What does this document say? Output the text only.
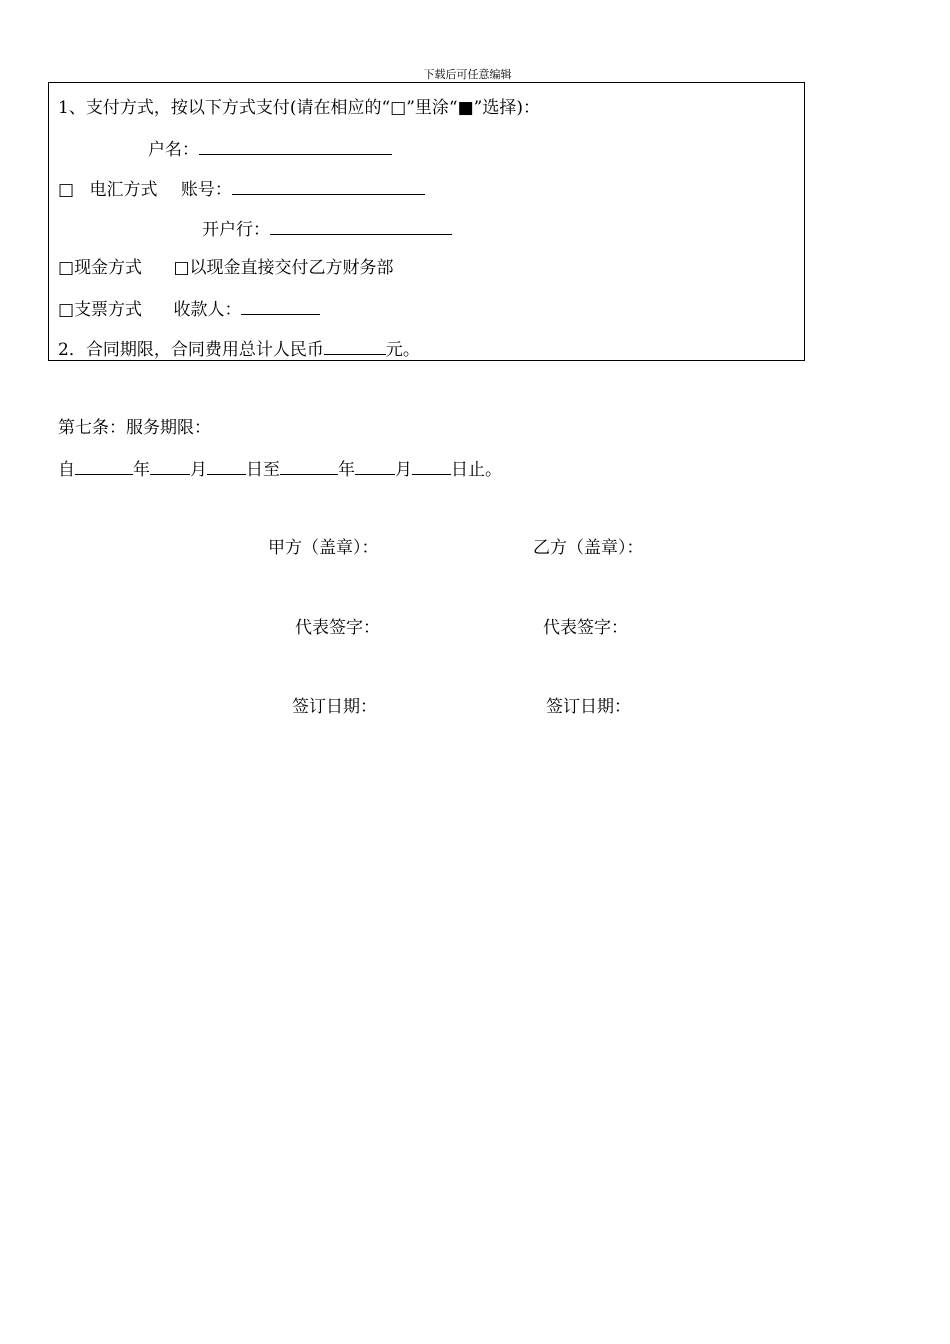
下载后可任意编辑
1、支付方式，按以下方式支付(请在相应的“□”里涂“■”选择)：
户名：
□ 电汇方式 账号：
开户行：
□现金方式 □以现金直接交付乙方财务部
□支票方式 收款人：
2．合同期限，合同费用总计人民币	元。
第七条：服务期限：
自	年 月 日至	年 月 日止。
甲方（盖章）：	乙方（盖章）：
代表签字：	代表签字：
签订日期：	签订日期：
